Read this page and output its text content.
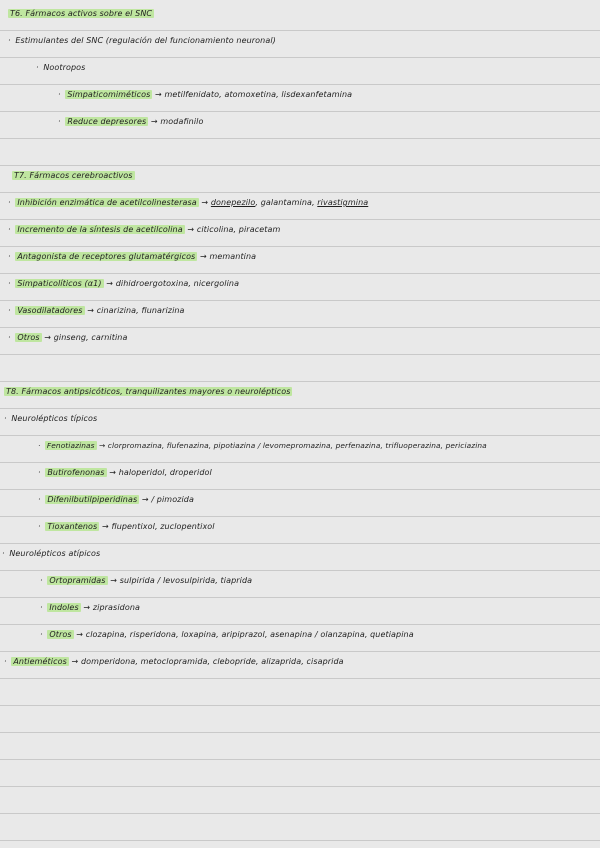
T6. Fármacos activos sobre el SNC
· Estimulantes del SNC (regulación del funcionamiento neuronal)
· Nootropos
· Simpaticomiméticos → metilfenidato, atomoxetina, lisdexanfetamina
· Reduce depresores → modafinilo
T7. Fármacos cerebroactivos
· Inhibición enzimática de acetilcolinesterasa → donepezilo, galantamina, rivastigmina
· Incremento de la síntesis de acetilcolina → citicolina, piracetam
· Antagonista de receptores glutamatérgicos → memantina
· Simpaticolíticos (α1) → dihidroergotoxina, nicergolina
· Vasodilatadores → cinarizina, flunarizina
· Otros → ginseng, carnitina
T8. Fármacos antipsicóticos, tranquilizantes mayores o neurolépticos
· Neurolépticos típicos
· Fenotiazinas → clorpromazina, flufenazina, pipotiazina / levomepromazina, perfenazina, trifluoperazina, periciazina
· Butirofenonas → haloperidol, droperidol
· Difenilbutilpiperidinas → / pimozida
· Tioxantenos → flupentixol, zuclopentixol
· Neurolépticos atípicos
· Ortopramidas → sulpirida / levosulpirida, tiaprida
· Indoles → ziprasidona
· Otros → clozapina, risperidona, loxapina, aripiprazol, asenapina / olanzapina, quetiapina
· Antieméticos → domperidona, metoclopramida, clebopride, alizaprida, cisaprida
